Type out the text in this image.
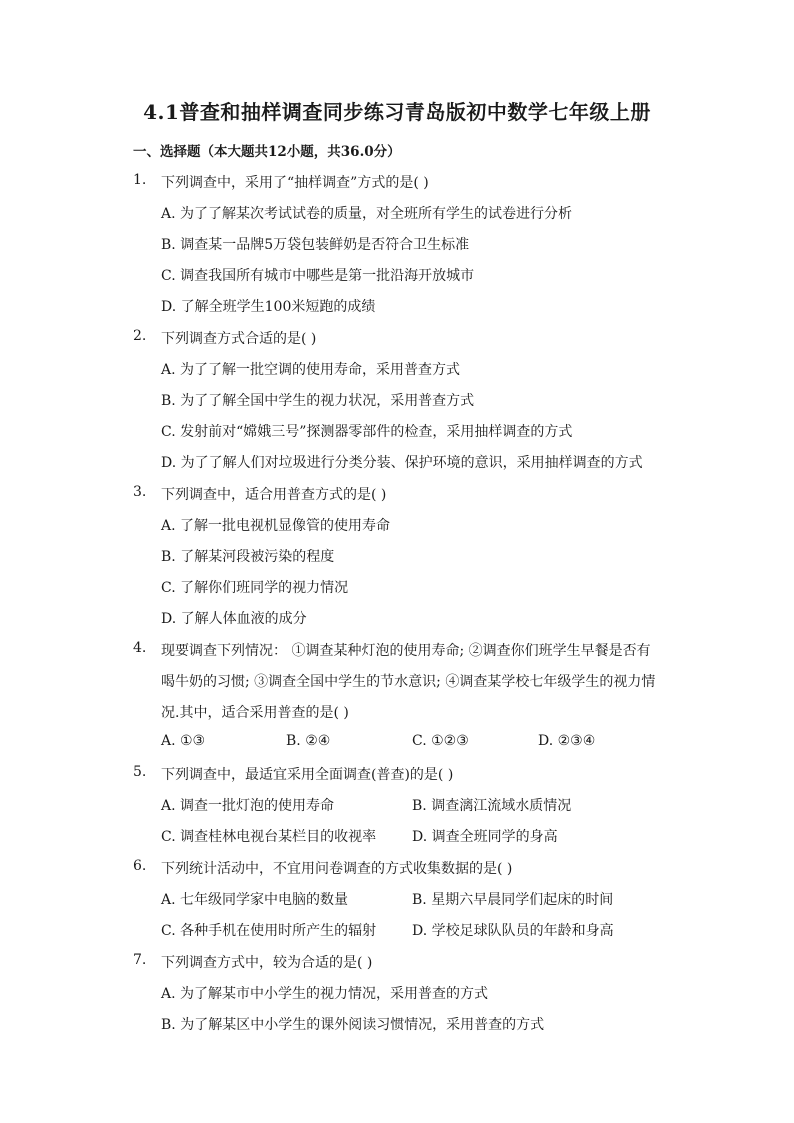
4.1普查和抽样调查同步练习青岛版初中数学七年级上册
一、选择题（本大题共12小题，共36.0分）
1.	下列调查中，采用了“抽样调查”方式的是( )
A. 为了了解某次考试试卷的质量，对全班所有学生的试卷进行分析
B. 调查某一品牌5万袋包装鲜奶是否符合卫生标准
C. 调查我国所有城市中哪些是第一批沿海开放城市
D. 了解全班学生100米短跑的成绩
2.	下列调查方式合适的是( )
A. 为了了解一批空调的使用寿命，采用普查方式
B. 为了了解全国中学生的视力状况，采用普查方式
C. 发射前对“嫦娥三号”探测器零部件的检查，采用抽样调查的方式
D. 为了了解人们对垃圾进行分类分装、保护环境的意识，采用抽样调查的方式
3.	下列调查中，适合用普查方式的是( )
A. 了解一批电视机显像管的使用寿命
B. 了解某河段被污染的程度
C. 了解你们班同学的视力情况
D. 了解人体血液的成分
4.	现要调查下列情况： ①调查某种灯泡的使用寿命; ②调查你们班学生早餐是否有
喝牛奶的习惯; ③调查全国中学生的节水意识; ④调查某学校七年级学生的视力情
况.其中，适合采用普查的是( )
A. ①③	B. ②④	C. ①②③	D. ②③④
5.	下列调查中，最适宜采用全面调查(普查)的是( )
A. 调查一批灯泡的使用寿命	B. 调查漓江流域水质情况
C. 调查桂林电视台某栏目的收视率	D. 调查全班同学的身高
6.	下列统计活动中，不宜用问卷调查的方式收集数据的是( )
A. 七年级同学家中电脑的数量	B. 星期六早晨同学们起床的时间
C. 各种手机在使用时所产生的辐射	D. 学校足球队队员的年龄和身高
7.	下列调查方式中，较为合适的是( )
A. 为了解某市中小学生的视力情况，采用普查的方式
B. 为了解某区中小学生的课外阅读习惯情况，采用普查的方式
